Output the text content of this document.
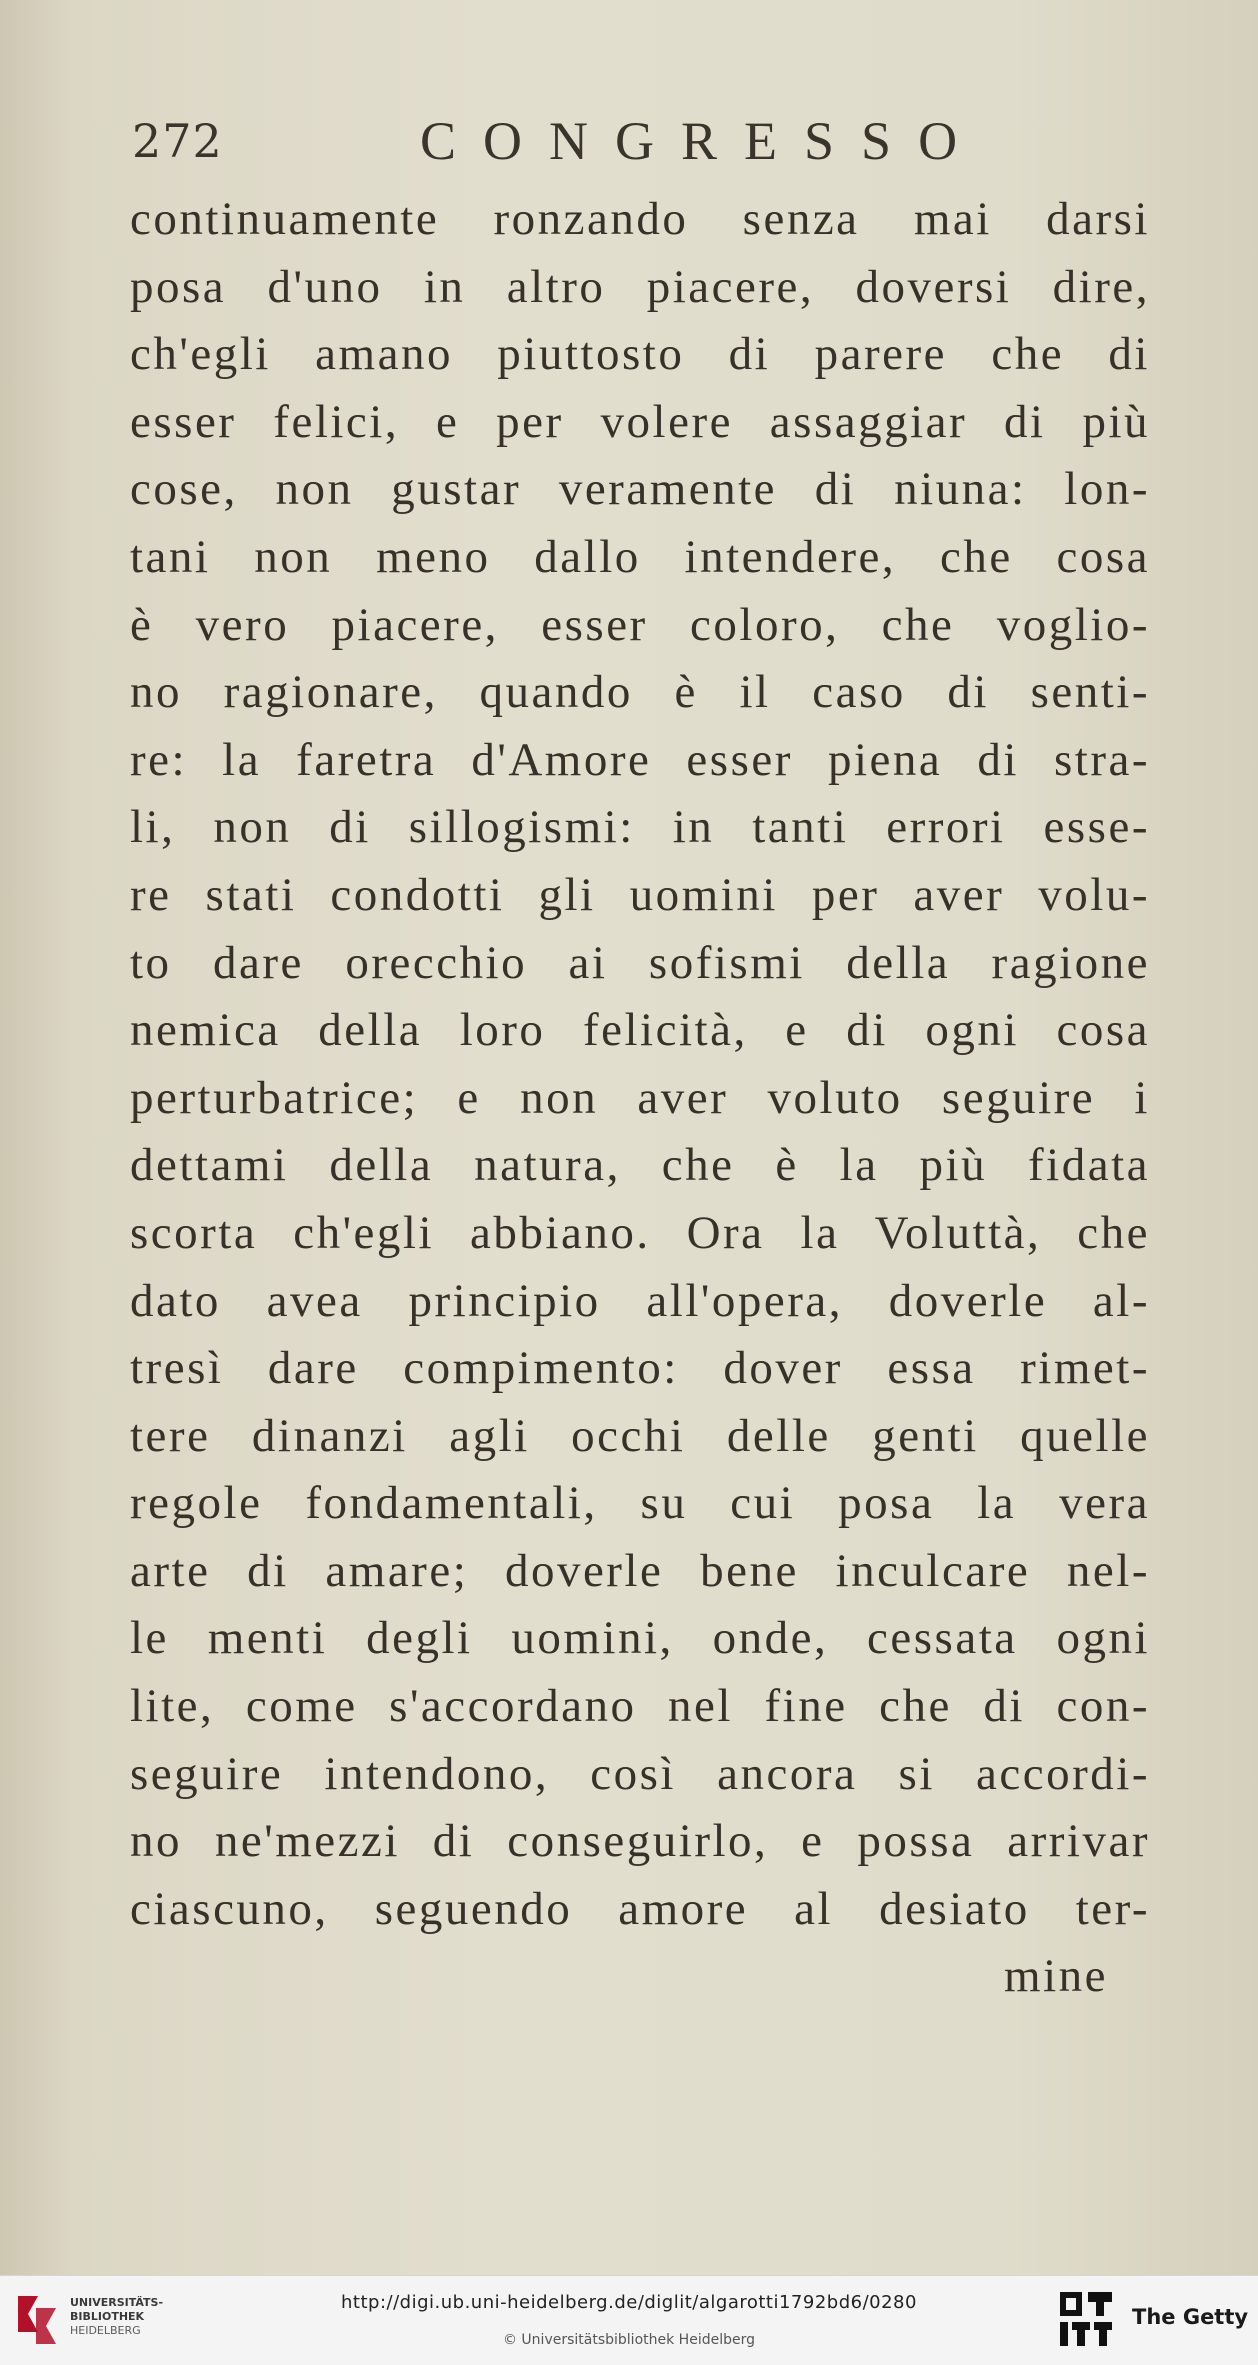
272	CONGRESSO
continuamente ronzando senza mai darsi
posa d'uno in altro piacere, doversi dire,
ch'egli amano piuttosto di parere che di
esser felici, e per volere assaggiar di più
cose, non gustar veramente di niuna: lon-
tani non meno dallo intendere, che cosa
è vero piacere, esser coloro, che voglio-
no ragionare, quando è il caso di senti-
re: la faretra d'Amore esser piena di stra-
li, non di sillogismi: in tanti errori esse-
re stati condotti gli uomini per aver volu-
to dare orecchio ai sofismi della ragione
nemica della loro felicità, e di ogni cosa
perturbatrice; e non aver voluto seguire i
dettami della natura, che è la più fidata
scorta ch'egli abbiano. Ora la Voluttà, che
dato avea principio all'opera, doverle al-
tresì dare compimento: dover essa rimet-
tere dinanzi agli occhi delle genti quelle
regole fondamentali, su cui posa la vera
arte di amare; doverle bene inculcare nel-
le menti degli uomini, onde, cessata ogni
lite, come s'accordano nel fine che di con-
seguire intendono, così ancora si accordi-
no ne'mezzi di conseguirlo, e possa arrivar
ciascuno, seguendo amore al desiato ter-
mine
UNIVERSITÄTS-
BIBLIOTHEK
HEIDELBERG
http://digi.ub.uni-heidelberg.de/diglit/algarotti1792bd6/0280
© Universitätsbibliothek Heidelberg
The Getty
